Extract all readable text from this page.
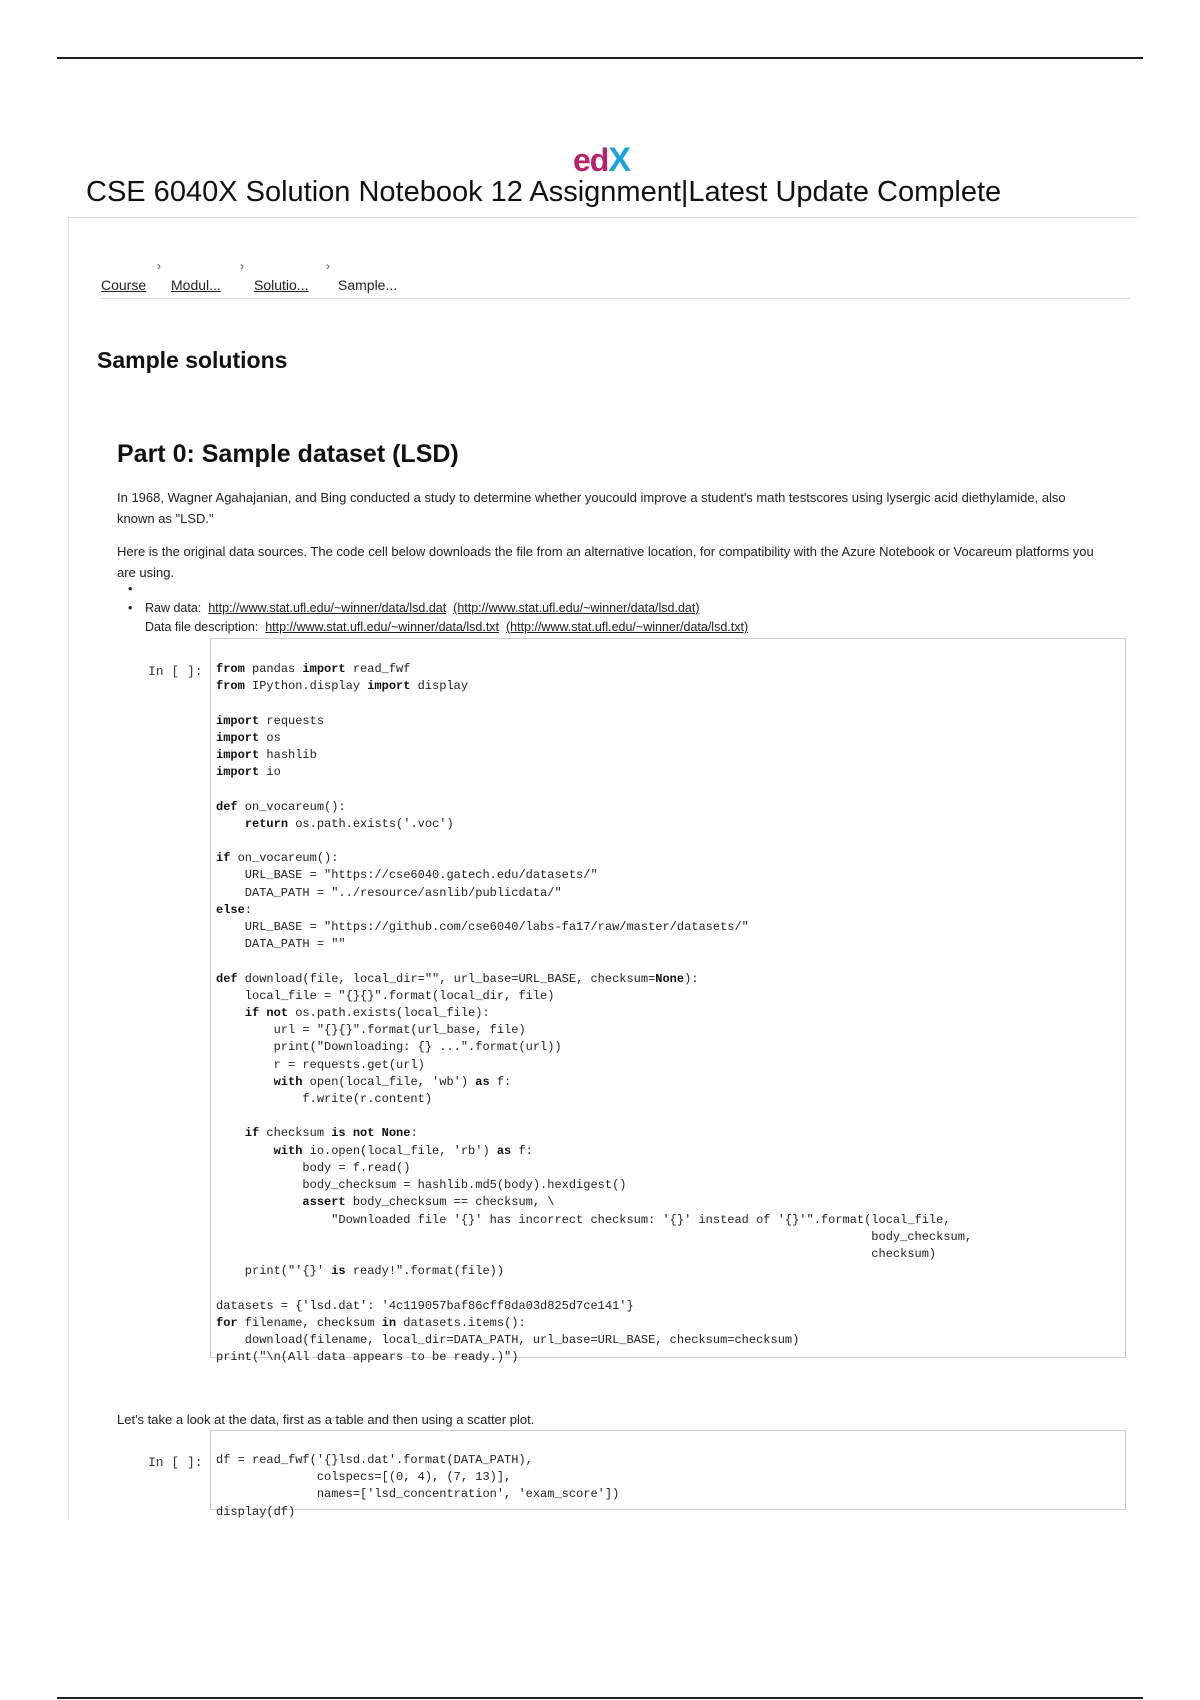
edX
CSE 6040X Solution Notebook 12 Assignment|Latest Update Complete
›	›	›
Course Modul... Solutio... Sample...
Sample solutions
Part 0: Sample dataset (LSD)

In 1968, Wagner Agahajanian, and Bing conducted a study to determine whether youcould improve a student's math testscores using lysergic acid diethylamide, also known as "LSD."

Here is the original data sources. The code cell below downloads the file from an alternative location, for compatibility with the Azure Notebook or Vocareum platforms you are using.

•
• Raw data: http://www.stat.ufl.edu/~winner/data/lsd.dat (http://www.stat.ufl.edu/~winner/data/lsd.dat)
Data file description: http://www.stat.ufl.edu/~winner/data/lsd.txt (http://www.stat.ufl.edu/~winner/data/lsd.txt)
In [ ]: from pandas import read_fwf
from IPython.display import display

import requests
import os
import hashlib
import io

def on_vocareum():
return os.path.exists('.voc')

if on_vocareum():
URL_BASE = "https://cse6040.gatech.edu/datasets/"
DATA_PATH = "../resource/asnlib/publicdata/"
else:
URL_BASE = "https://github.com/cse6040/labs-fa17/raw/master/datasets/"
DATA_PATH = ""

def download(file, local_dir="", url_base=URL_BASE, checksum=None):
local_file = "{}{}".format(local_dir, file)
if not os.path.exists(local_file):
url = "{}{}".format(url_base, file)
print("Downloading: {} ...".format(url))
r = requests.get(url)
with open(local_file, 'wb') as f:
f.write(r.content)

if checksum is not None:
with io.open(local_file, 'rb') as f:
body = f.read()
body_checksum = hashlib.md5(body).hexdigest()
assert body_checksum == checksum, \
"Downloaded file '{}' has incorrect checksum: '{}' instead of '{}'".format(local_file,
body_checksum,
checksum)
print("'{}' is ready!".format(file))

datasets = {'lsd.dat': '4c119057baf86cff8da03d825d7ce141'}
for filename, checksum in datasets.items():
download(filename, local_dir=DATA_PATH, url_base=URL_BASE, checksum=checksum)
print("\n(All data appears to be ready.)")

Let's take a look at the data, first as a table and then using a scatter plot.

In [ ]: df = read_fwf('{}lsd.dat'.format(DATA_PATH),
colspecs=[(0, 4), (7, 13)],
names=['lsd_concentration', 'exam_score'])
display(df)
